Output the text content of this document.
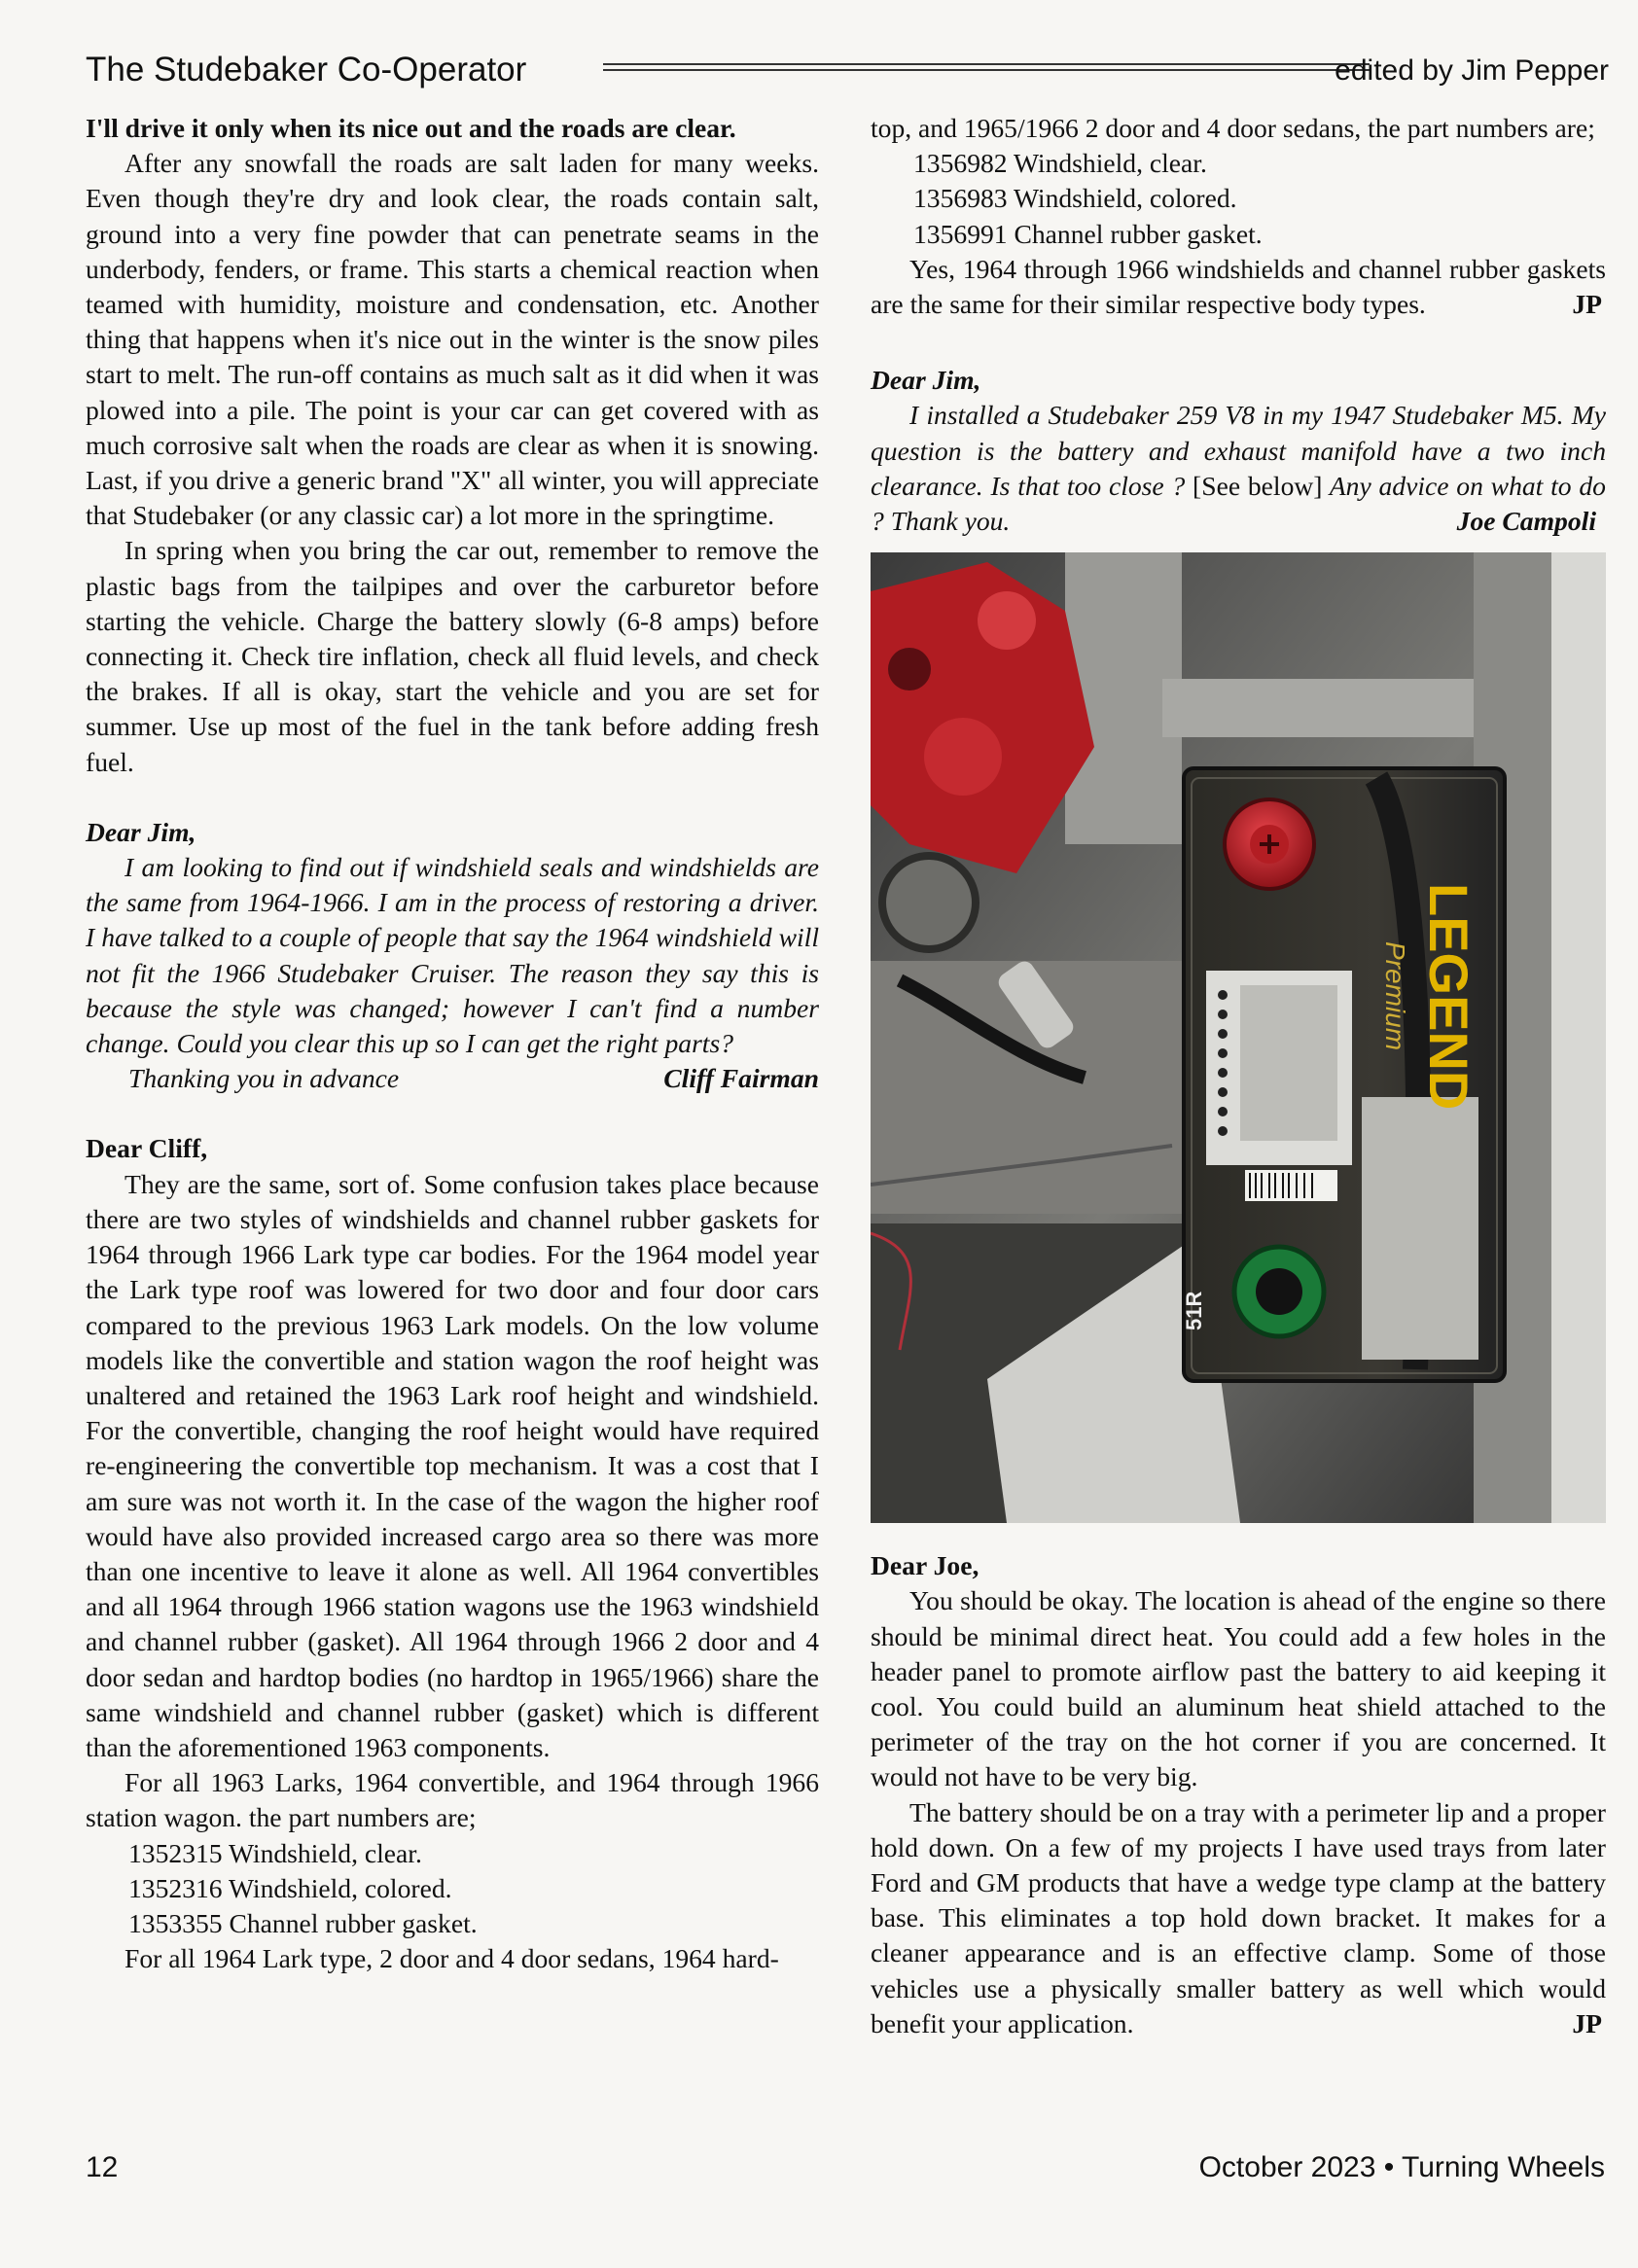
The Studebaker Co-Operator	edited by Jim Pepper

I'll drive it only when its nice out and the roads are clear.

After any snowfall the roads are salt laden for many weeks. Even though they're dry and look clear, the roads contain salt, ground into a very fine powder that can penetrate seams in the underbody, fenders, or frame. This starts a chemical reaction when teamed with humidity, moisture and condensation, etc. Another thing that happens when it's nice out in the winter is the snow piles start to melt. The run-off contains as much salt as it did when it was plowed into a pile. The point is your car can get covered with as much corrosive salt when the roads are clear as when it is snowing. Last, if you drive a generic brand "X" all winter, you will appreciate that Studebaker (or any classic car) a lot more in the springtime.

In spring when you bring the car out, remember to remove the plastic bags from the tailpipes and over the carburetor before starting the vehicle. Charge the battery slowly (6-8 amps) before connecting it. Check tire inflation, check all fluid levels, and check the brakes. If all is okay, start the vehicle and you are set for summer. Use up most of the fuel in the tank before adding fresh fuel.

Dear Jim,

I am looking to find out if windshield seals and windshields are the same from 1964-1966. I am in the process of restoring a driver. I have talked to a couple of people that say the 1964 windshield will not fit the 1966 Studebaker Cruiser. The reason they say this is because the style was changed; however I can't find a number change. Could you clear this up so I can get the right parts?

Thanking you in advance	Cliff Fairman

Dear Cliff,

They are the same, sort of. Some confusion takes place because there are two styles of windshields and channel rubber gaskets for 1964 through 1966 Lark type car bodies. For the 1964 model year the Lark type roof was lowered for two door and four door cars compared to the previous 1963 Lark models. On the low volume models like the convertible and station wagon the roof height was unaltered and retained the 1963 Lark roof height and windshield. For the convertible, changing the roof height would have required re-engineering the convertible top mechanism. It was a cost that I am sure was not worth it. In the case of the wagon the higher roof would have also provided increased cargo area so there was more than one incentive to leave it alone as well. All 1964 convertibles and all 1964 through 1966 station wagons use the 1963 windshield and channel rubber (gasket). All 1964 through 1966 2 door and 4 door sedan and hardtop bodies (no hardtop in 1965/1966) share the same windshield and channel rubber (gasket) which is different than the aforementioned 1963 components.

For all 1963 Larks, 1964 convertible, and 1964 through 1966 station wagon. the part numbers are;

1352315 Windshield, clear.

1352316 Windshield, colored.

1353355 Channel rubber gasket.

For all 1964 Lark type, 2 door and 4 door sedans, 1964 hard-

top, and 1965/1966 2 door and 4 door sedans, the part numbers are;

1356982 Windshield, clear.

1356983 Windshield, colored.

1356991 Channel rubber gasket.

Yes, 1964 through 1966 windshields and channel rubber gaskets are the same for their similar respective body types.	JP

Dear Jim,

I installed a Studebaker 259 V8 in my 1947 Studebaker M5. My question is the battery and exhaust manifold have a two inch clearance. Is that too close ? [See below] Any advice on what to do ? Thank you.	Joe Campoli

LEGEND
Premium
51R

Dear Joe,

You should be okay. The location is ahead of the engine so there should be minimal direct heat. You could add a few holes in the header panel to promote airflow past the battery to aid keeping it cool. You could build an aluminum heat shield attached to the perimeter of the tray on the hot corner if you are concerned. It would not have to be very big.

The battery should be on a tray with a perimeter lip and a proper hold down. On a few of my projects I have used trays from later Ford and GM products that have a wedge type clamp at the battery base. This eliminates a top hold down bracket. It makes for a cleaner appearance and is an effective clamp. Some of those vehicles use a physically smaller battery as well which would benefit your application.	JP

12	October 2023 • Turning Wheels
